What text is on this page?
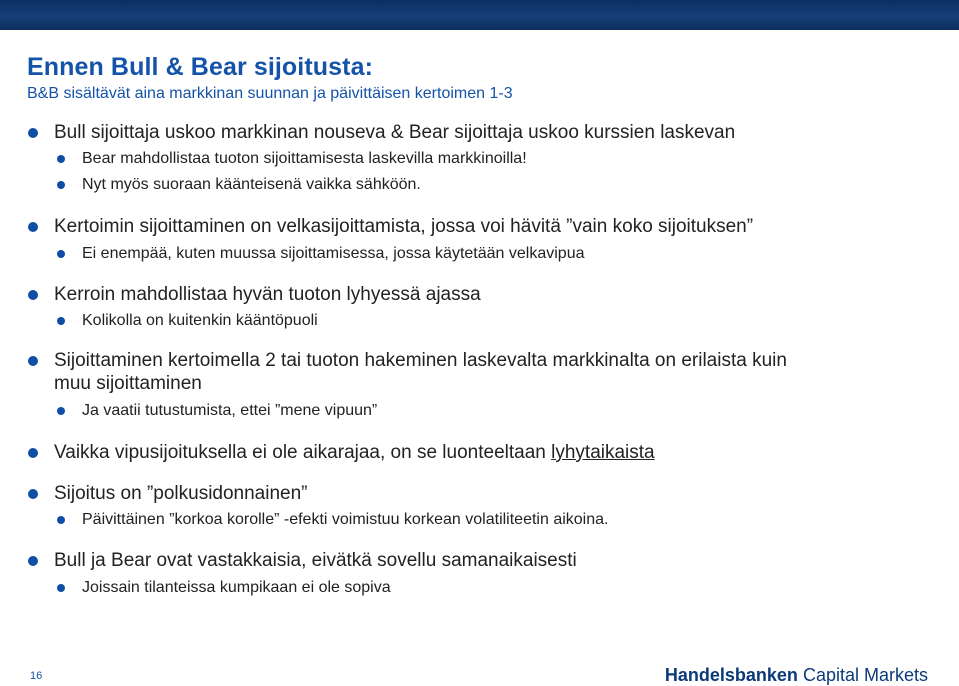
Ennen Bull & Bear sijoitusta:
B&B sisältävät aina markkinan suunnan ja päivittäisen kertoimen 1-3
Bull sijoittaja uskoo markkinan nouseva & Bear sijoittaja uskoo kurssien laskevan
Bear mahdollistaa tuoton sijoittamisesta laskevilla markkinoilla!
Nyt myös suoraan käänteisenä vaikka sähköön.
Kertoimin sijoittaminen on velkasijoittamista, jossa voi hävitä ”vain koko sijoituksen”
Ei enempää, kuten muussa sijoittamisessa, jossa käytetään velkavipua
Kerroin mahdollistaa hyvän tuoton lyhyessä ajassa
Kolikolla on kuitenkin kääntöpuoli
Sijoittaminen kertoimella 2 tai tuoton hakeminen laskevalta markkinalta on erilaista kuin
muu sijoittaminen
Ja vaatii tutustumista, ettei ”mene vipuun”
Vaikka vipusijoituksella ei ole aikarajaa, on se luonteeltaan lyhytaikaista
Sijoitus on ”polkusidonnainen”
Päivittäinen ”korkoa korolle” -efekti voimistuu korkean volatiliteetin aikoina.
Bull ja Bear ovat vastakkaisia, eivätkä sovellu samanaikaisesti
Joissain tilanteissa kumpikaan ei ole sopiva
16	Handelsbanken Capital Markets
